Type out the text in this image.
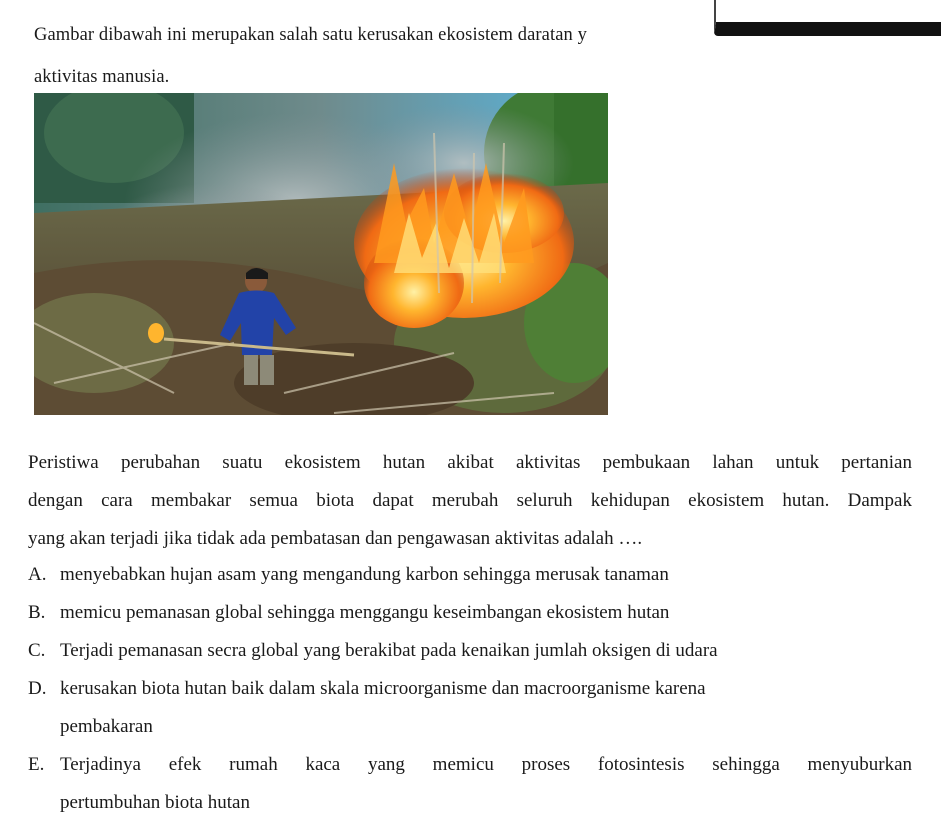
Gambar dibawah ini merupakan salah satu kerusakan ekosistem daratan y
aktivitas manusia.
Peristiwa perubahan suatu ekosistem hutan akibat aktivitas pembukaan lahan untuk pertanian
dengan cara membakar semua biota dapat merubah seluruh kehidupan ekosistem hutan. Dampak
yang akan terjadi jika tidak ada pembatasan dan pengawasan aktivitas adalah ….
A. menyebabkan hujan asam yang mengandung karbon sehingga merusak tanaman
B. memicu pemanasan global sehingga menggangu keseimbangan ekosistem hutan
C. Terjadi pemanasan secra global yang berakibat pada kenaikan jumlah oksigen di udara
D. kerusakan biota hutan baik dalam skala microorganisme dan macroorganisme karena
pembakaran
E. Terjadinya efek rumah kaca yang memicu proses fotosintesis sehingga menyuburkan
pertumbuhan biota hutan
